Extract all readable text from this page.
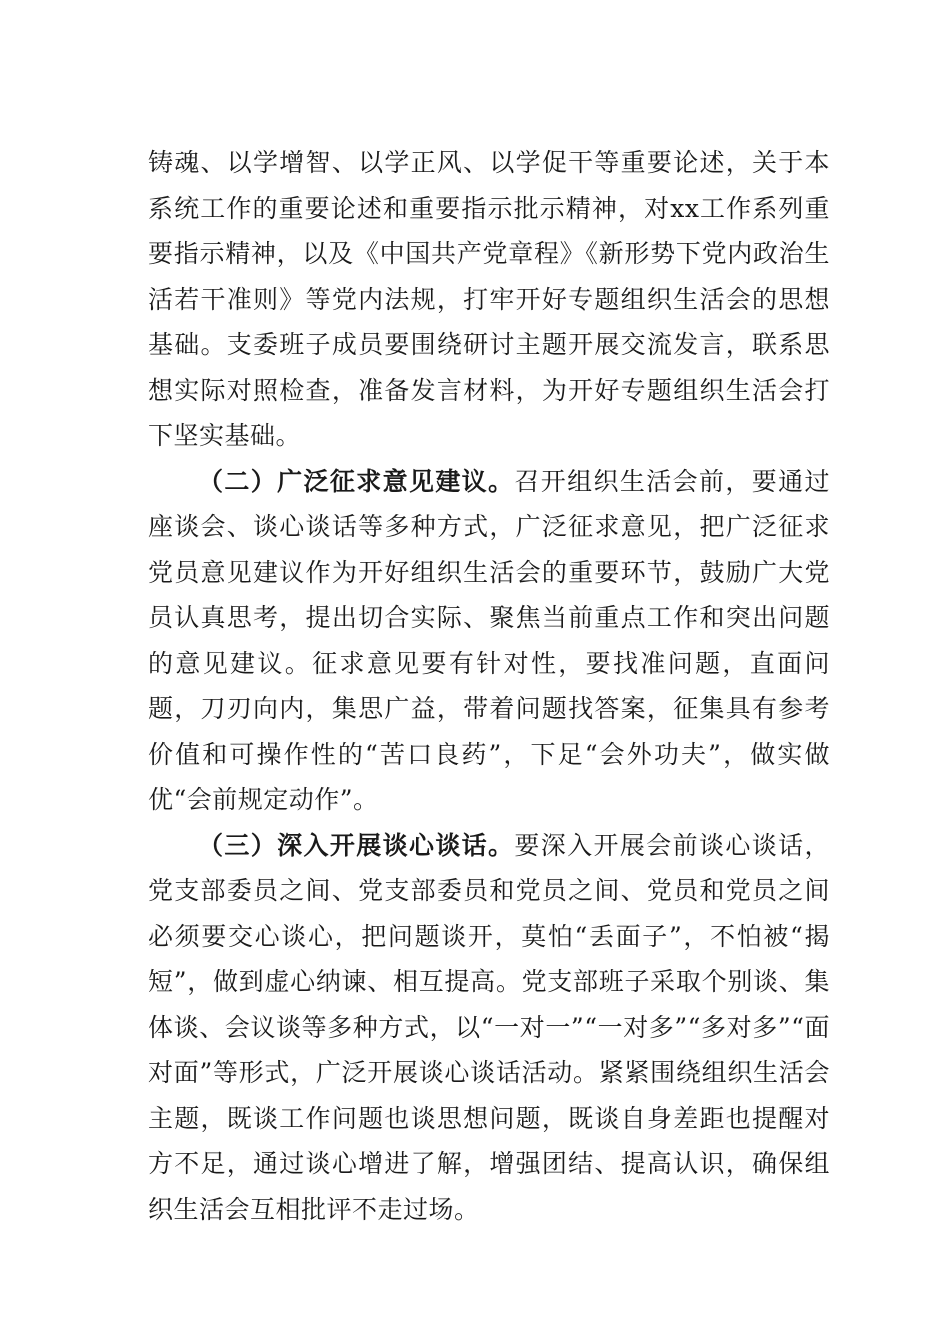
铸魂、以学增智、以学正风、以学促干等重要论述，关于本系统工作的重要论述和重要指示批示精神，对xx工作系列重要指示精神，以及《中国共产党章程》《新形势下党内政治生活若干准则》等党内法规，打牢开好专题组织生活会的思想基础。支委班子成员要围绕研讨主题开展交流发言，联系思想实际对照检查，准备发言材料，为开好专题组织生活会打下坚实基础。

（二）广泛征求意见建议。召开组织生活会前，要通过座谈会、谈心谈话等多种方式，广泛征求意见，把广泛征求党员意见建议作为开好组织生活会的重要环节，鼓励广大党员认真思考，提出切合实际、聚焦当前重点工作和突出问题的意见建议。征求意见要有针对性，要找准问题，直面问题，刀刃向内，集思广益，带着问题找答案，征集具有参考价值和可操作性的“苦口良药”，下足“会外功夫”，做实做优“会前规定动作”。

（三）深入开展谈心谈话。要深入开展会前谈心谈话，党支部委员之间、党支部委员和党员之间、党员和党员之间必须要交心谈心，把问题谈开，莫怕“丢面子”，不怕被“揭短”，做到虚心纳谏、相互提高。党支部班子采取个别谈、集体谈、会议谈等多种方式，以“一对一”“一对多”“多对多”“面对面”等形式，广泛开展谈心谈话活动。紧紧围绕组织生活会主题，既谈工作问题也谈思想问题，既谈自身差距也提醒对方不足，通过谈心增进了解，增强团结、提高认识，确保组织生活会互相批评不走过场。
